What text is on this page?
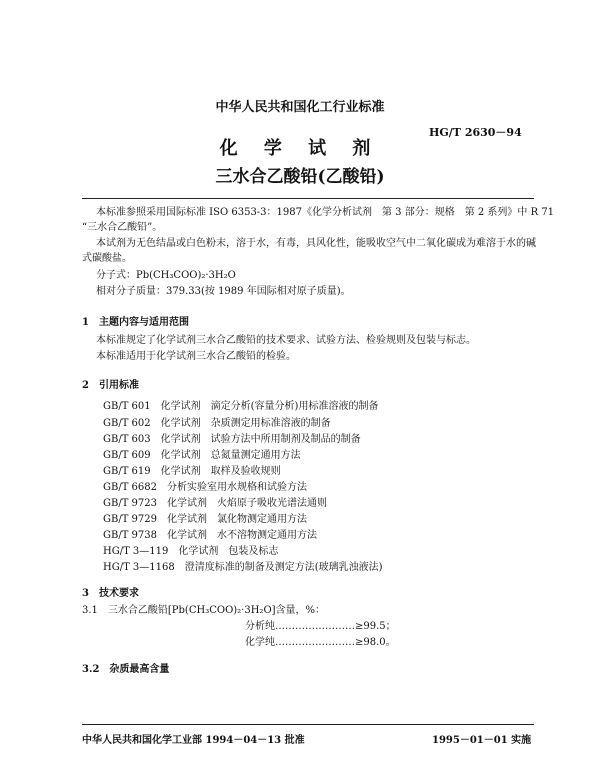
中华人民共和国化工行业标准
HG/T 2630－94
化 学 试 剂
三水合乙酸铅(乙酸铅)
本标准参照采用国际标准 ISO 6353-3：1987《化学分析试剂　第 3 部分：规格　第 2 系列》中 R 71
“三水合乙酸铅”。
本试剂为无色结晶或白色粉末，溶于水，有毒，具风化性，能吸收空气中二氧化碳成为难溶于水的碱
式碳酸盐。
分子式：Pb(CH₃COO)₂·3H₂O
相对分子质量：379.33(按 1989 年国际相对原子质量)。
1　主题内容与适用范围
本标准规定了化学试剂三水合乙酸铅的技术要求、试验方法、检验规则及包装与标志。
本标准适用于化学试剂三水合乙酸铅的检验。
2　引用标准
GB/T 601　化学试剂　滴定分析(容量分析)用标准溶液的制备
GB/T 602　化学试剂　杂质测定用标准溶液的制备
GB/T 603　化学试剂　试验方法中所用制剂及制品的制备
GB/T 609　化学试剂　总氮量测定通用方法
GB/T 619　化学试剂　取样及验收规则
GB/T 6682　分析实验室用水规格和试验方法
GB/T 9723　化学试剂　火焰原子吸收光谱法通则
GB/T 9729　化学试剂　氯化物测定通用方法
GB/T 9738　化学试剂　水不溶物测定通用方法
HG/T 3—119　化学试剂　包装及标志
HG/T 3—1168　澄清度标准的制备及测定方法(玻璃乳浊液法)
3　技术要求
3.1　三水合乙酸铅[Pb(CH₃COO)₂·3H₂O]含量，%：
分析纯……………………≥99.5；
化学纯……………………≥98.0。
3.2　杂质最高含量
中华人民共和国化学工业部 1994－04－13 批准	1995－01－01 实施
